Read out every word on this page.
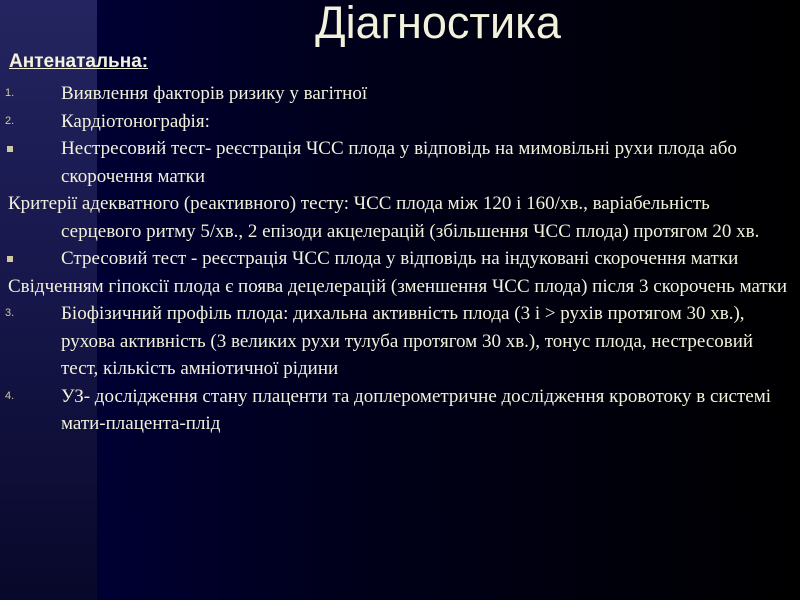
Діагностика
Антенатальна:
1. Виявлення факторів ризику у вагітної
2. Кардіотонографія:
Нестресовий тест- реєстрація ЧСС плода у відповідь на мимовільні рухи плода або скорочення матки
Критерії адекватного (реактивного) тесту: ЧСС плода між 120 і 160/хв., варіабельність серцевого ритму 5/хв., 2 епізоди акцелерацій (збільшення ЧСС плода) протягом 20 хв.
Стресовий тест - реєстрація ЧСС плода у відповідь на індуковані скорочення матки
Свідченням гіпоксії плода є поява децелерацій (зменшення ЧСС плода) після 3 скорочень матки
3. Біофізичний профіль плода: дихальна активність плода (3 і > рухів протягом 30 хв.), рухова активність (3 великих рухи тулуба протягом 30 хв.), тонус плода, нестресовий тест, кількість амніотичної рідини
4. УЗ- дослідження стану плаценти та доплерометричне дослідження кровотоку в системі мати-плацента-плід
